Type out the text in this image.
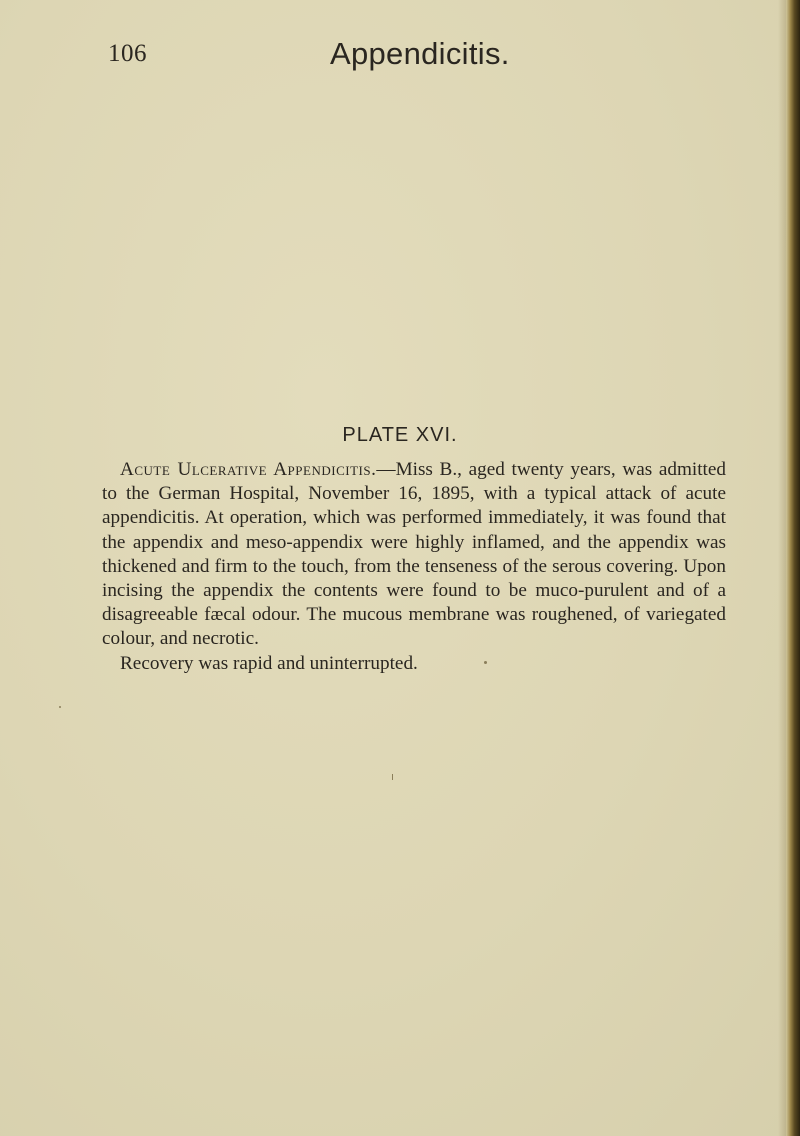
106	Appendicitis.
PLATE XVI.

Acute Ulcerative Appendicitis.—Miss B., aged twenty years, was admitted to the German Hospital, November 16, 1895, with a typical attack of acute appendicitis. At operation, which was performed immediately, it was found that the appendix and meso-appendix were highly inflamed, and the appendix was thickened and firm to the touch, from the tenseness of the serous covering. Upon incising the appendix the contents were found to be muco-purulent and of a disagreeable fæcal odour. The mucous membrane was roughened, of variegated colour, and necrotic.

Recovery was rapid and uninterrupted.
